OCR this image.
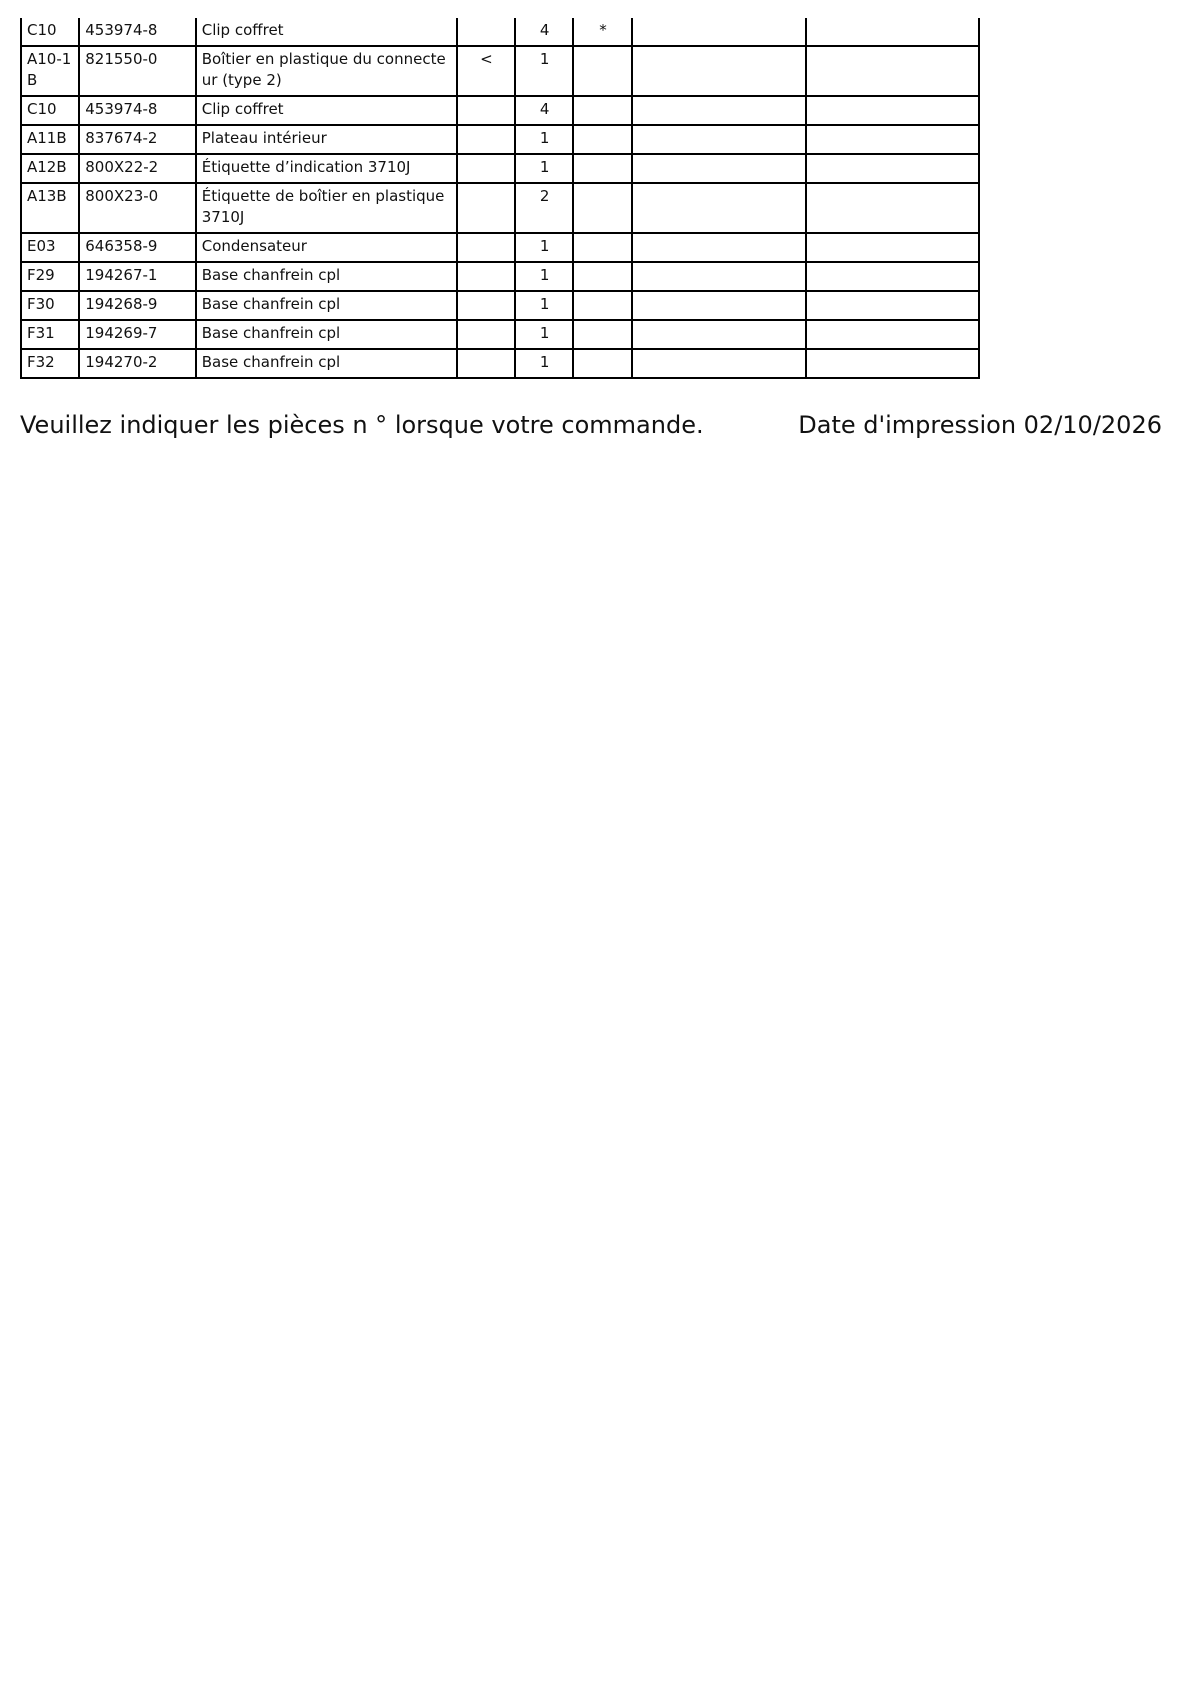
C10	453974-8	Clip coffret		4	*		
A10-1B	821550-0	Boîtier en plastique du connecteur (type 2)	<	1			
C10	453974-8	Clip coffret		4			
A11B	837674-2	Plateau intérieur		1			
A12B	800X22-2	Étiquette d’indication 3710J		1			
A13B	800X23-0	Étiquette de boîtier en plastique 3710J		2			
E03	646358-9	Condensateur		1			
F29	194267-1	Base chanfrein cpl		1			
F30	194268-9	Base chanfrein cpl		1			
F31	194269-7	Base chanfrein cpl		1			
F32	194270-2	Base chanfrein cpl		1			
Veuillez indiquer les pièces n ° lorsque votre commande.	Date d'impression 02/10/2026
